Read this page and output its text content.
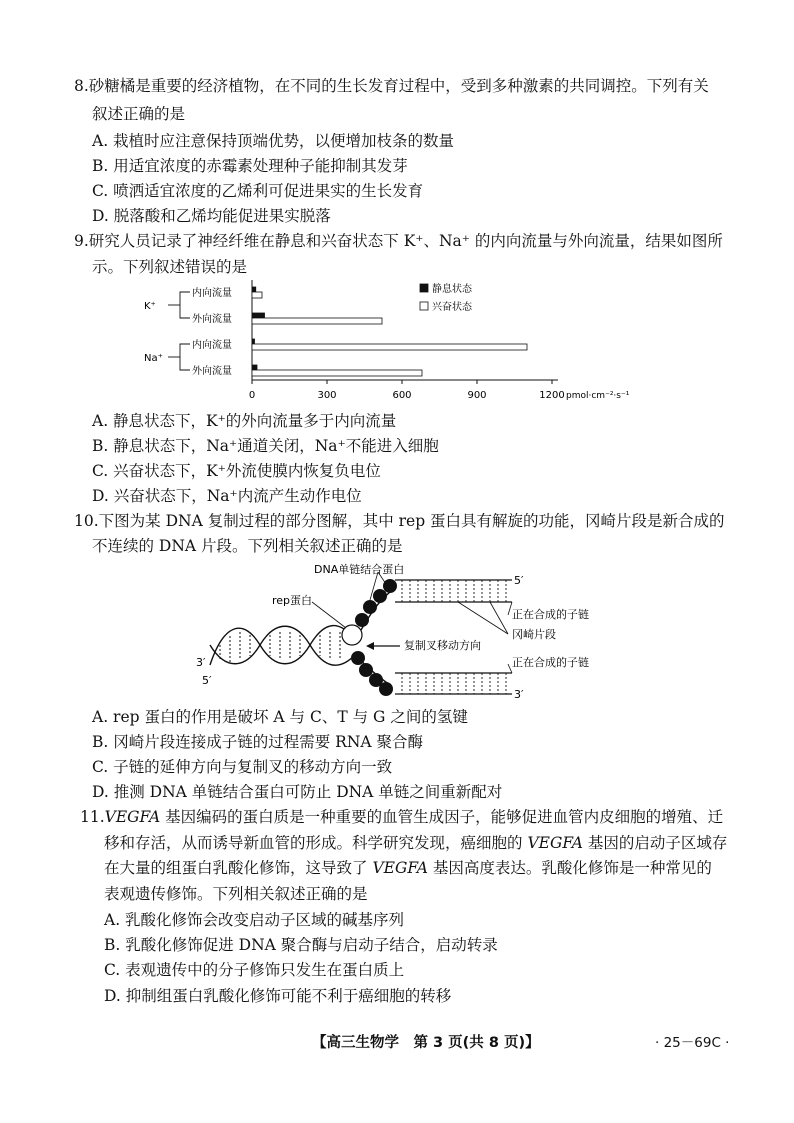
8.砂糖橘是重要的经济植物，在不同的生长发育过程中，受到多种激素的共同调控。下列有关
叙述正确的是
A. 栽植时应注意保持顶端优势，以便增加枝条的数量
B. 用适宜浓度的赤霉素处理种子能抑制其发芽
C. 喷洒适宜浓度的乙烯利可促进果实的生长发育
D. 脱落酸和乙烯均能促进果实脱落
9.研究人员记录了神经纤维在静息和兴奋状态下 K⁺、Na⁺ 的内向流量与外向流量，结果如图所
示。下列叙述错误的是
0	300	600	900	1200 pmol·cm⁻²·s⁻¹
内向流量
外向流量
内向流量
外向流量
K⁺
Na⁺
静息状态
兴奋状态
A. 静息状态下，K⁺的外向流量多于内向流量
B. 静息状态下，Na⁺通道关闭，Na⁺不能进入细胞
C. 兴奋状态下，K⁺外流使膜内恢复负电位
D. 兴奋状态下，Na⁺内流产生动作电位
10.下图为某 DNA 复制过程的部分图解，其中 rep 蛋白具有解旋的功能，冈崎片段是新合成的
不连续的 DNA 片段。下列相关叙述正确的是
DNA单链结合蛋白
rep蛋白
正在合成的子链
冈崎片段
复制叉移动方向
正在合成的子链
5′
3′
3′
5′
A. rep 蛋白的作用是破坏 A 与 C、T 与 G 之间的氢键
B. 冈崎片段连接成子链的过程需要 RNA 聚合酶
C. 子链的延伸方向与复制叉的移动方向一致
D. 推测 DNA 单链结合蛋白可防止 DNA 单链之间重新配对
11.VEGFA 基因编码的蛋白质是一种重要的血管生成因子，能够促进血管内皮细胞的增殖、迁
移和存活，从而诱导新血管的形成。科学研究发现，癌细胞的 VEGFA 基因的启动子区域存
在大量的组蛋白乳酸化修饰，这导致了 VEGFA 基因高度表达。乳酸化修饰是一种常见的
表观遗传修饰。下列相关叙述正确的是
A. 乳酸化修饰会改变启动子区域的碱基序列
B. 乳酸化修饰促进 DNA 聚合酶与启动子结合，启动转录
C. 表观遗传中的分子修饰只发生在蛋白质上
D. 抑制组蛋白乳酸化修饰可能不利于癌细胞的转移
【高三生物学　第 3 页(共 8 页)】	· 25－69C ·
